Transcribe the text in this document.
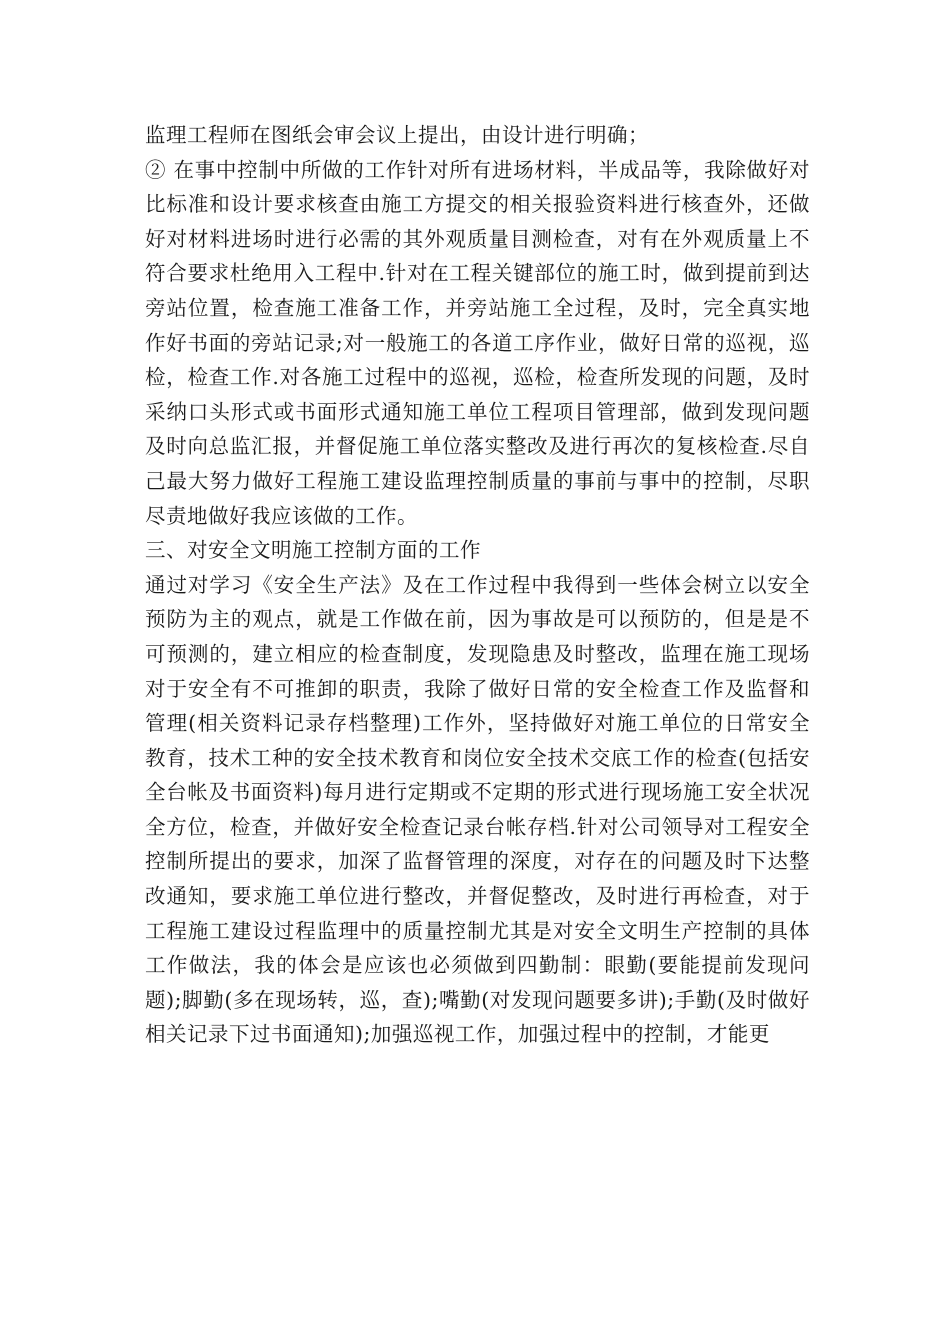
监理工程师在图纸会审会议上提出，由设计进行明确；

② 在事中控制中所做的工作针对所有进场材料，半成品等，我除做好对比标准和设计要求核查由施工方提交的相关报验资料进行核查外，还做好对材料进场时进行必需的其外观质量目测检查，对有在外观质量上不符合要求杜绝用入工程中.针对在工程关键部位的施工时，做到提前到达旁站位置，检查施工准备工作，并旁站施工全过程，及时，完全真实地作好书面的旁站记录;对一般施工的各道工序作业，做好日常的巡视，巡检，检查工作.对各施工过程中的巡视，巡检，检查所发现的问题，及时采纳口头形式或书面形式通知施工单位工程项目管理部，做到发现问题及时向总监汇报，并督促施工单位落实整改及进行再次的复核检查.尽自己最大努力做好工程施工建设监理控制质量的事前与事中的控制，尽职尽责地做好我应该做的工作。

三、对安全文明施工控制方面的工作

通过对学习《安全生产法》及在工作过程中我得到一些体会树立以安全预防为主的观点，就是工作做在前，因为事故是可以预防的，但是是不可预测的，建立相应的检查制度，发现隐患及时整改，监理在施工现场对于安全有不可推卸的职责，我除了做好日常的安全检查工作及监督和管理(相关资料记录存档整理)工作外，坚持做好对施工单位的日常安全教育，技术工种的安全技术教育和岗位安全技术交底工作的检查(包括安全台帐及书面资料)每月进行定期或不定期的形式进行现场施工安全状况全方位，检查，并做好安全检查记录台帐存档.针对公司领导对工程安全控制所提出的要求，加深了监督管理的深度，对存在的问题及时下达整改通知，要求施工单位进行整改，并督促整改，及时进行再检查，对于工程施工建设过程监理中的质量控制尤其是对安全文明生产控制的具体工作做法，我的体会是应该也必须做到四勤制：眼勤(要能提前发现问题);脚勤(多在现场转，巡，查);嘴勤(对发现问题要多讲);手勤(及时做好相关记录下过书面通知);加强巡视工作，加强过程中的控制，才能更
